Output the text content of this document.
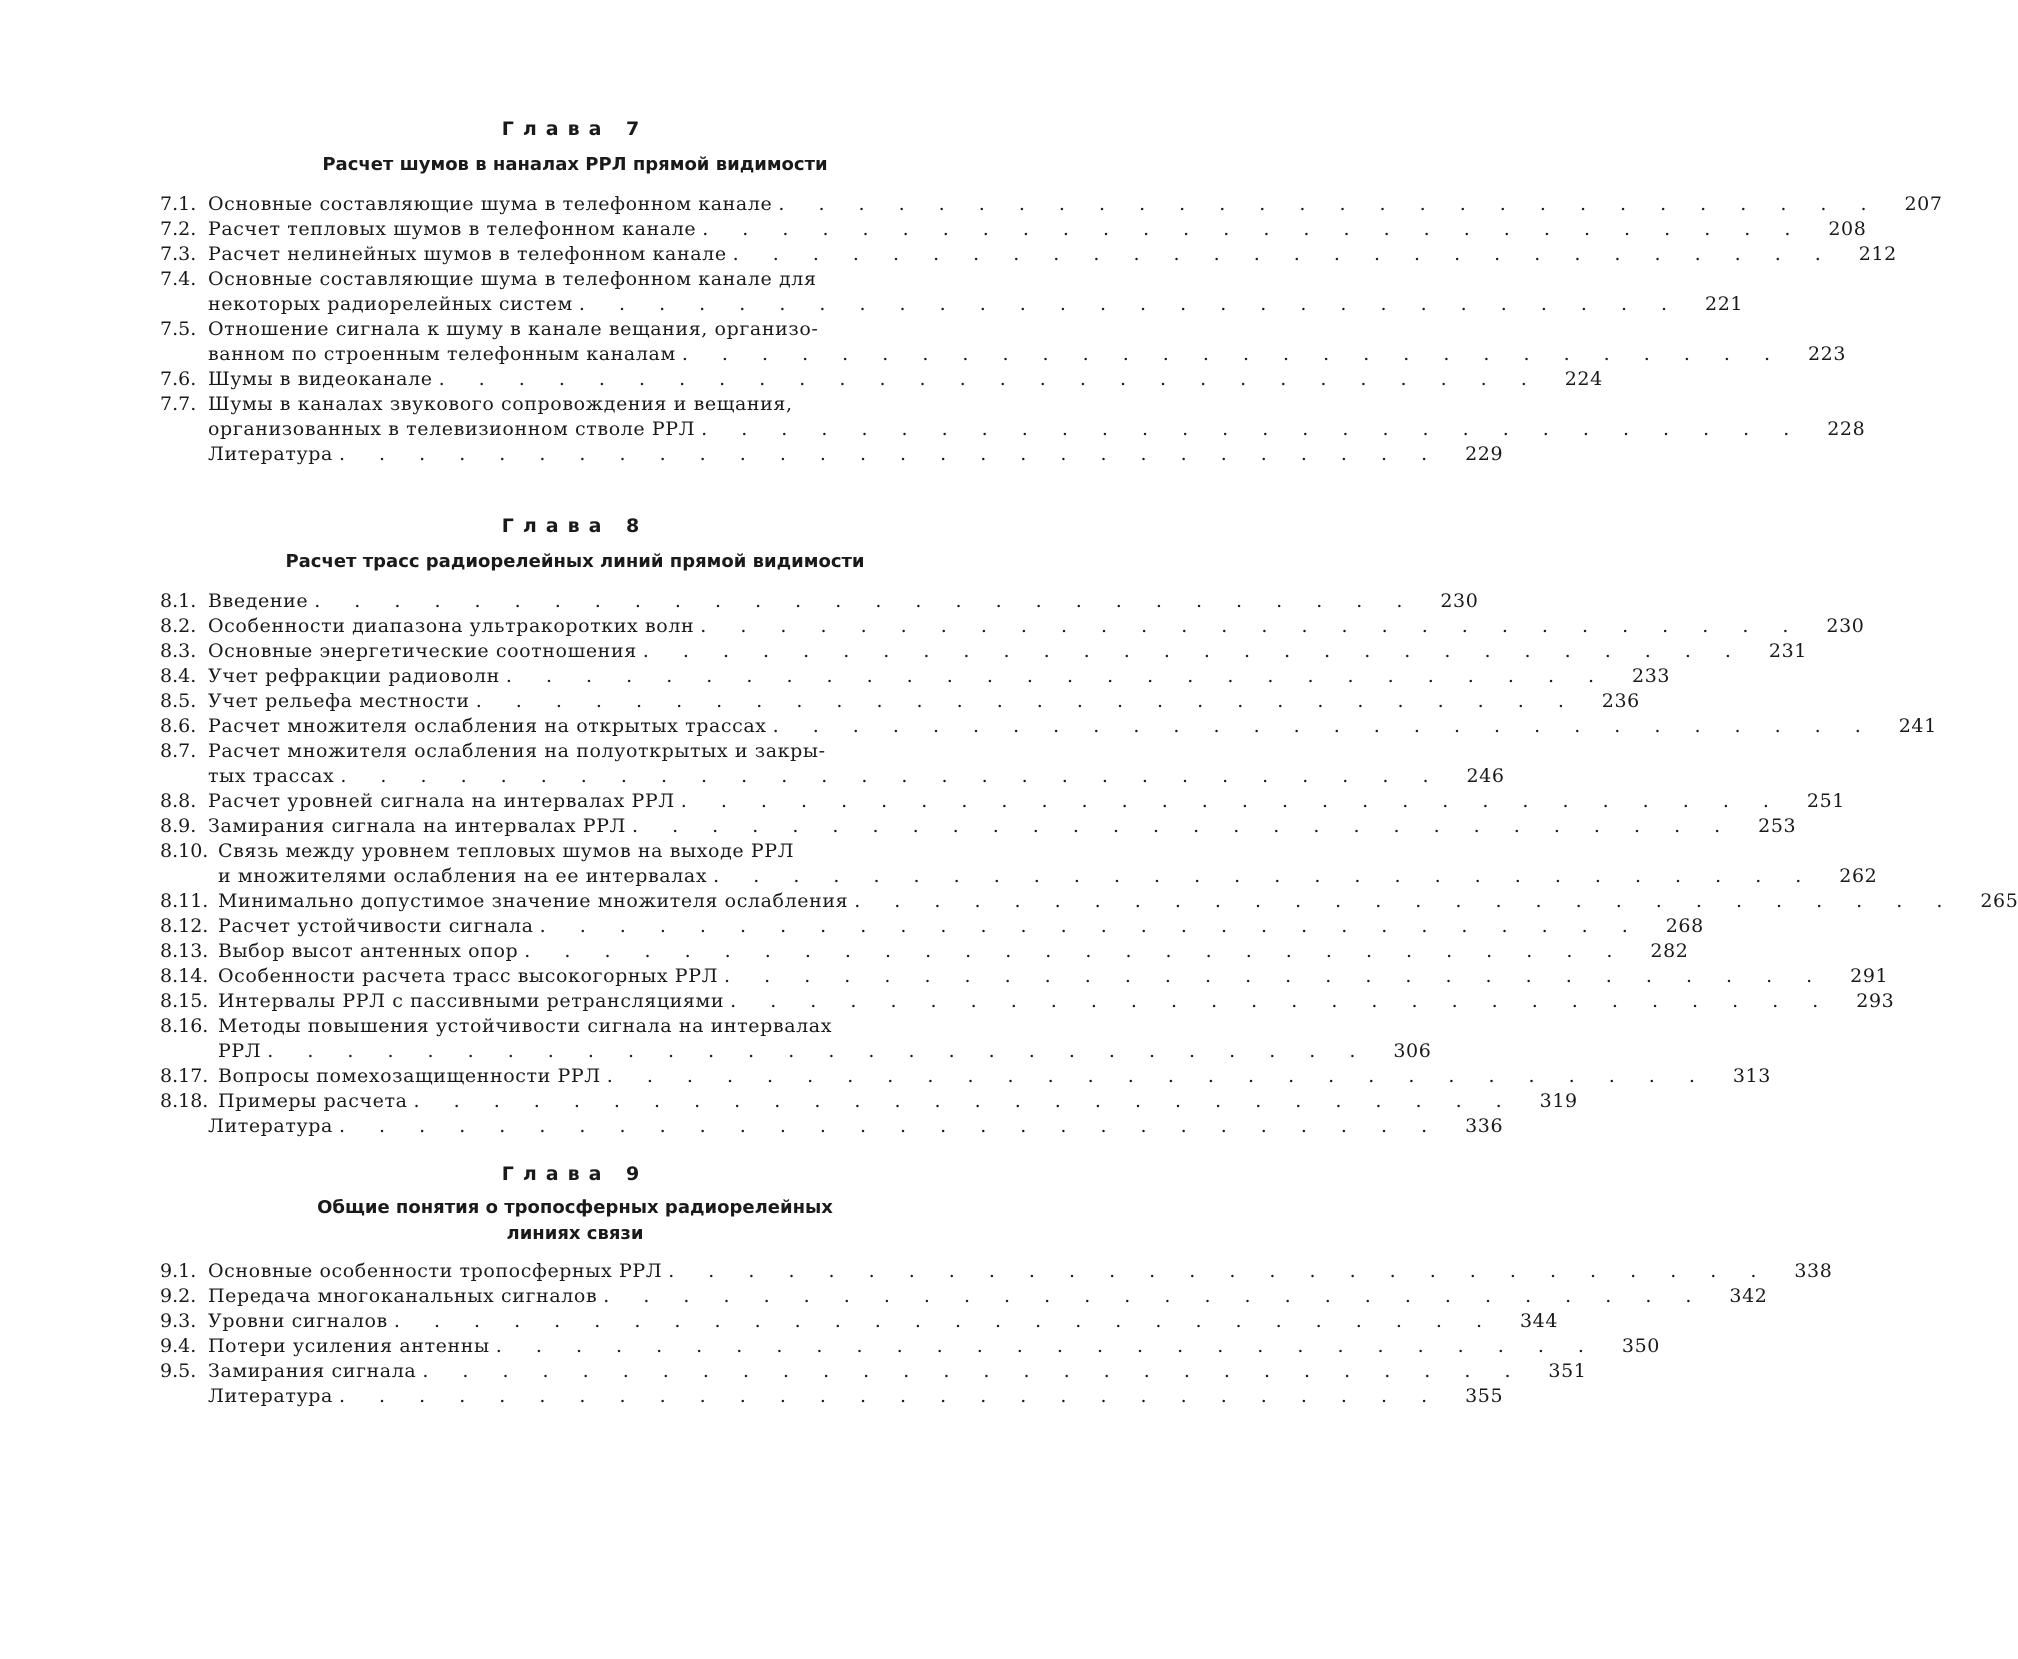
Глава 7
Расчет шумов в наналах РРЛ прямой видимости
7.1. Основные составляющие шума в телефонном канале . . . . . . . . . . . . . . . . . . . . . . . . . . . .	207
7.2. Расчет тепловых шумов в телефонном канале . . . . . . . . . . . . . . . . . . . . . . . . . . . .	208
7.3. Расчет нелинейных шумов в телефонном канале . . . . . . . . . . . . . . . . . . . . . . . . . . . .	212
7.4. Основные составляющие шума в телефонном канале для
некоторых радиорелейных систем . . . . . . . . . . . . . . . . . . . . . . . . . . . .	221
7.5. Отношение сигнала к шуму в канале вещания, организо-
ванном по строенным телефонным каналам . . . . . . . . . . . . . . . . . . . . . . . . . . . .	223
7.6. Шумы в видеоканале . . . . . . . . . . . . . . . . . . . . . . . . . . . .	224
7.7. Шумы в каналах звукового сопровождения и вещания,
организованных в телевизионном стволе РРЛ . . . . . . . . . . . . . . . . . . . . . . . . . . . .	228
Литература . . . . . . . . . . . . . . . . . . . . . . . . . . . .	229
Глава 8
Расчет трасс радиорелейных линий прямой видимости
8.1. Введение . . . . . . . . . . . . . . . . . . . . . . . . . . . .	230
8.2. Особенности диапазона ультракоротких волн . . . . . . . . . . . . . . . . . . . . . . . . . . . .	230
8.3. Основные энергетические соотношения . . . . . . . . . . . . . . . . . . . . . . . . . . . .	231
8.4. Учет рефракции радиоволн . . . . . . . . . . . . . . . . . . . . . . . . . . . .	233
8.5. Учет рельефа местности . . . . . . . . . . . . . . . . . . . . . . . . . . . .	236
8.6. Расчет множителя ослабления на открытых трассах . . . . . . . . . . . . . . . . . . . . . . . . . . . .	241
8.7. Расчет множителя ослабления на полуоткрытых и закры-
тых трассах . . . . . . . . . . . . . . . . . . . . . . . . . . . .	246
8.8. Расчет уровней сигнала на интервалах РРЛ . . . . . . . . . . . . . . . . . . . . . . . . . . . .	251
8.9. Замирания сигнала на интервалах РРЛ . . . . . . . . . . . . . . . . . . . . . . . . . . . .	253
8.10. Связь между уровнем тепловых шумов на выходе РРЛ
и множителями ослабления на ее интервалах . . . . . . . . . . . . . . . . . . . . . . . . . . . .	262
8.11. Минимально допустимое значение множителя ослабления . . . . . . . . . . . . . . . . . . . . . . . . . . . .	265
8.12. Расчет устойчивости сигнала . . . . . . . . . . . . . . . . . . . . . . . . . . . .	268
8.13. Выбор высот антенных опор . . . . . . . . . . . . . . . . . . . . . . . . . . . .	282
8.14. Особенности расчета трасс высокогорных РРЛ . . . . . . . . . . . . . . . . . . . . . . . . . . . .	291
8.15. Интервалы РРЛ с пассивными ретрансляциями . . . . . . . . . . . . . . . . . . . . . . . . . . . .	293
8.16. Методы повышения устойчивости сигнала на интервалах
РРЛ . . . . . . . . . . . . . . . . . . . . . . . . . . . .	306
8.17. Вопросы помехозащищенности РРЛ . . . . . . . . . . . . . . . . . . . . . . . . . . . .	313
8.18. Примеры расчета . . . . . . . . . . . . . . . . . . . . . . . . . . . .	319
Литература . . . . . . . . . . . . . . . . . . . . . . . . . . . .	336
Глава 9
Общие понятия о тропосферных радиорелейных
линиях связи
9.1. Основные особенности тропосферных РРЛ . . . . . . . . . . . . . . . . . . . . . . . . . . . .	338
9.2. Передача многоканальных сигналов . . . . . . . . . . . . . . . . . . . . . . . . . . . .	342
9.3. Уровни сигналов . . . . . . . . . . . . . . . . . . . . . . . . . . . .	344
9.4. Потери усиления антенны . . . . . . . . . . . . . . . . . . . . . . . . . . . .	350
9.5. Замирания сигнала . . . . . . . . . . . . . . . . . . . . . . . . . . . .	351
Литература . . . . . . . . . . . . . . . . . . . . . . . . . . . .	355
